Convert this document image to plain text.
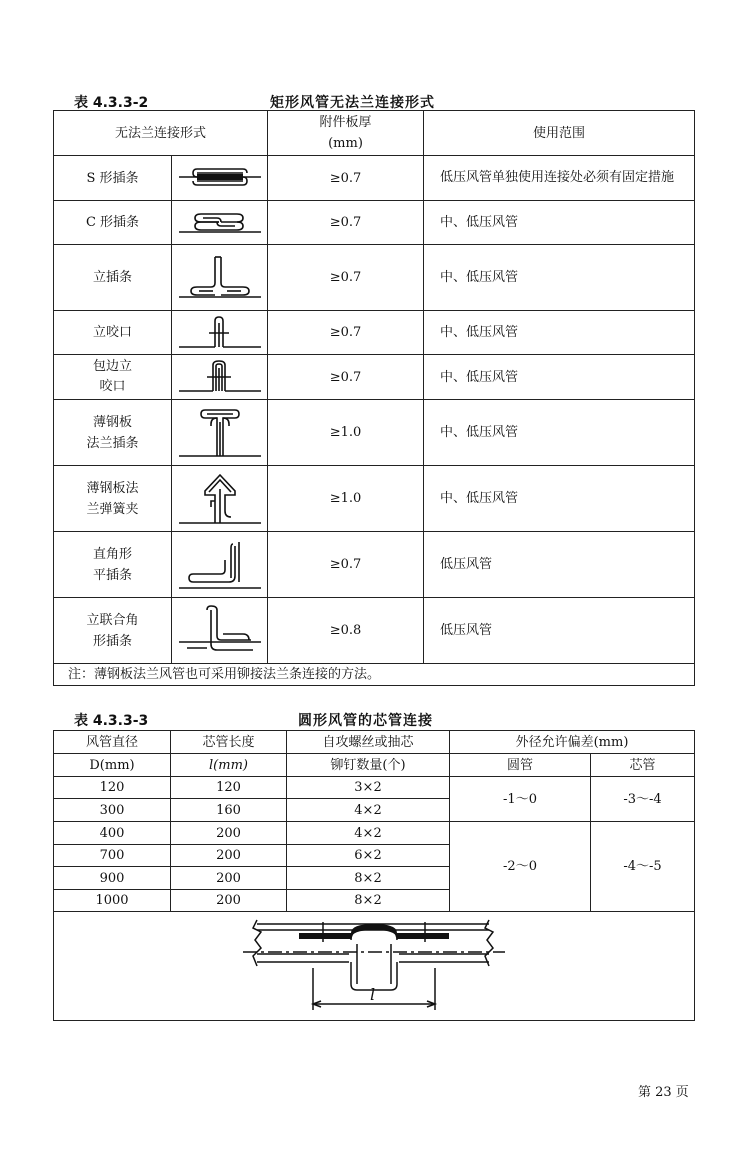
表 4.3.3-2	矩形风管无法兰连接形式
无法兰连接形式		附件板厚
(mm)	使用范围
S 形插条		≥0.7	低压风管单独使用连接处必须有固定措施
C 形插条		≥0.7	中、低压风管
立插条		≥0.7	中、低压风管
立咬口		≥0.7	中、低压风管
包边立
咬口		≥0.7	中、低压风管
薄钢板
法兰插条		≥1.0	中、低压风管
薄钢板法
兰弹簧夹		≥1.0	中、低压风管
直角形
平插条		≥0.7	低压风管
立联合角
形插条		≥0.8	低压风管
注：薄钢板法兰风管也可采用铆接法兰条连接的方法。			
表 4.3.3-3	圆形风管的芯管连接
风管直径	芯管长度	自攻螺丝或抽芯	外径允许偏差(mm)	
D(mm)	l(mm)	铆钉数量(个)	圆管	芯管
120	120	3×2	-1～0	-3～-4
300	160	4×2		
400	200	4×2	-2～0	-4～-5
700	200	6×2		
900	200	8×2		
1000	200	8×2		

l				
第 23 页
